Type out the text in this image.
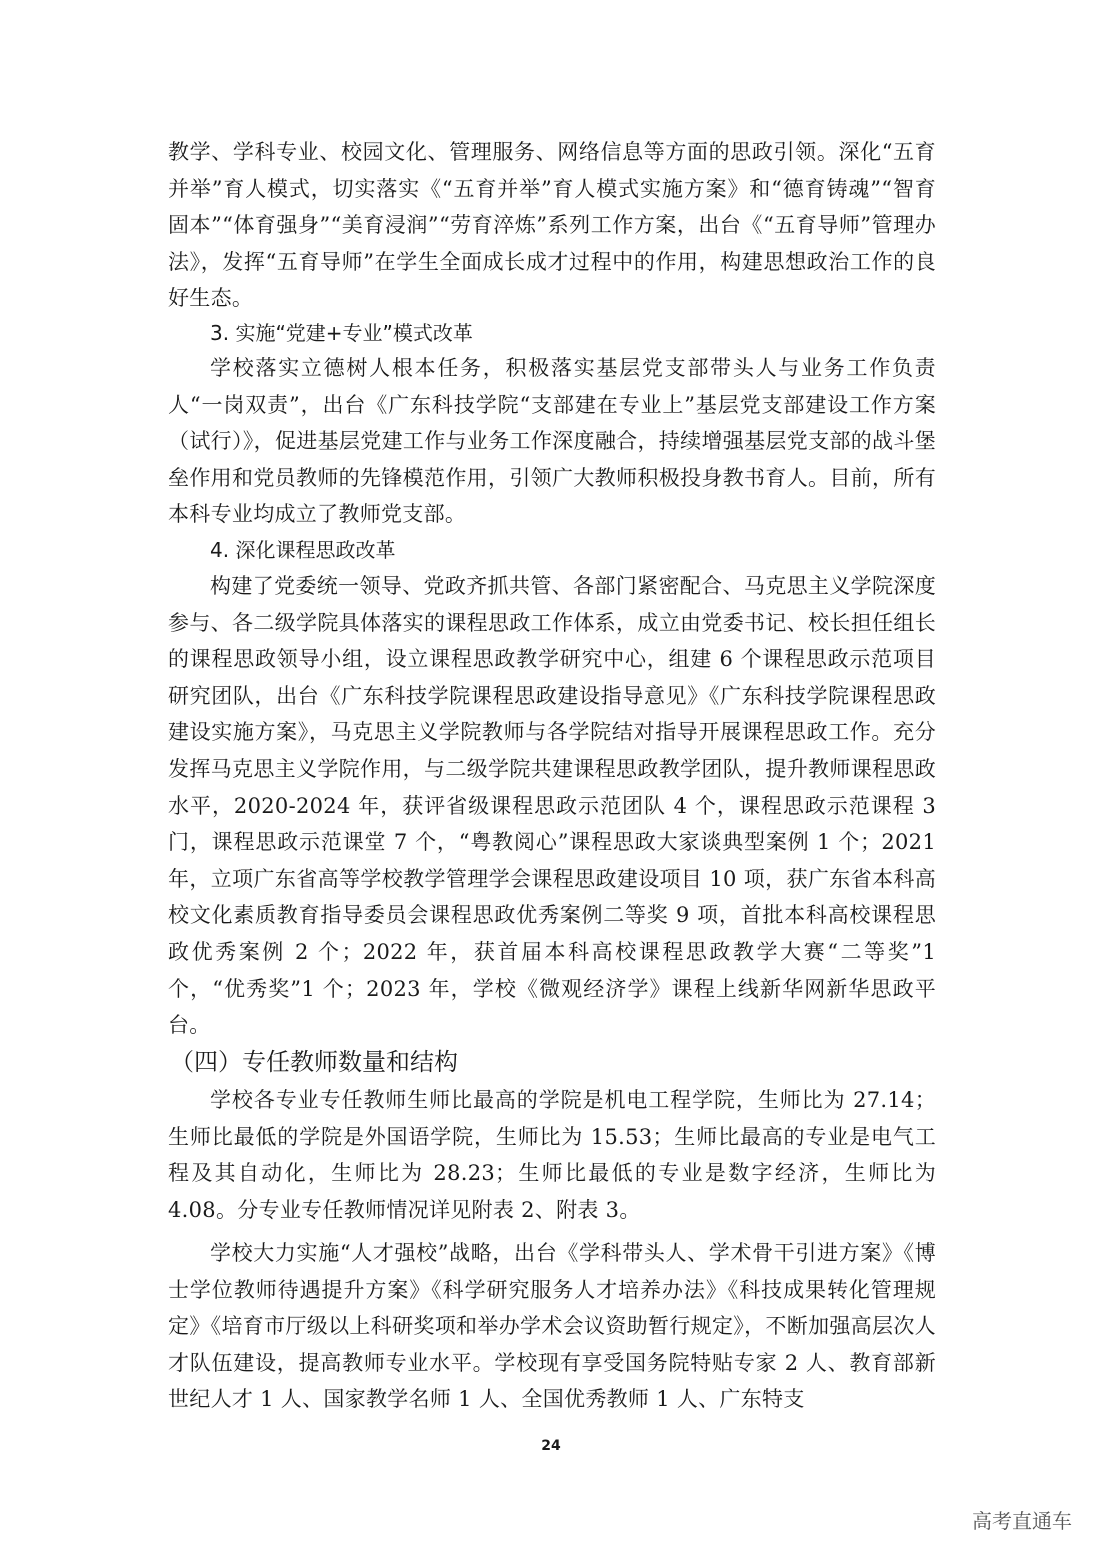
教学、学科专业、校园文化、管理服务、网络信息等方面的思政引领。深化“五育并举”育人模式，切实落实《“五育并举”育人模式实施方案》和“德育铸魂”“智育固本”“体育强身”“美育浸润”“劳育淬炼”系列工作方案，出台《“五育导师”管理办法》，发挥“五育导师”在学生全面成长成才过程中的作用，构建思想政治工作的良好生态。

3. 实施“党建+专业”模式改革

学校落实立德树人根本任务，积极落实基层党支部带头人与业务工作负责人“一岗双责”，出台《广东科技学院“支部建在专业上”基层党支部建设工作方案（试行）》，促进基层党建工作与业务工作深度融合，持续增强基层党支部的战斗堡垒作用和党员教师的先锋模范作用，引领广大教师积极投身教书育人。目前，所有本科专业均成立了教师党支部。

4. 深化课程思政改革

构建了党委统一领导、党政齐抓共管、各部门紧密配合、马克思主义学院深度参与、各二级学院具体落实的课程思政工作体系，成立由党委书记、校长担任组长的课程思政领导小组，设立课程思政教学研究中心，组建 6 个课程思政示范项目研究团队，出台《广东科技学院课程思政建设指导意见》《广东科技学院课程思政建设实施方案》，马克思主义学院教师与各学院结对指导开展课程思政工作。充分发挥马克思主义学院作用，与二级学院共建课程思政教学团队，提升教师课程思政水平，2020-2024 年，获评省级课程思政示范团队 4 个，课程思政示范课程 3 门，课程思政示范课堂 7 个，“粤教阅心”课程思政大家谈典型案例 1 个；2021 年，立项广东省高等学校教学管理学会课程思政建设项目 10 项，获广东省本科高校文化素质教育指导委员会课程思政优秀案例二等奖 9 项，首批本科高校课程思政优秀案例 2 个；2022 年，获首届本科高校课程思政教学大赛“二等奖”1 个，“优秀奖”1 个；2023 年，学校《微观经济学》课程上线新华网新华思政平台。

（四）专任教师数量和结构

学校各专业专任教师生师比最高的学院是机电工程学院，生师比为 27.14；生师比最低的学院是外国语学院，生师比为 15.53；生师比最高的专业是电气工程及其自动化，生师比为 28.23；生师比最低的专业是数字经济，生师比为 4.08。分专业专任教师情况详见附表 2、附表 3。

学校大力实施“人才强校”战略，出台《学科带头人、学术骨干引进方案》《博士学位教师待遇提升方案》《科学研究服务人才培养办法》《科技成果转化管理规定》《培育市厅级以上科研奖项和举办学术会议资助暂行规定》，不断加强高层次人才队伍建设，提高教师专业水平。学校现有享受国务院特贴专家 2 人、教育部新世纪人才 1 人、国家教学名师 1 人、全国优秀教师 1 人、广东特支

24
高考直通车
